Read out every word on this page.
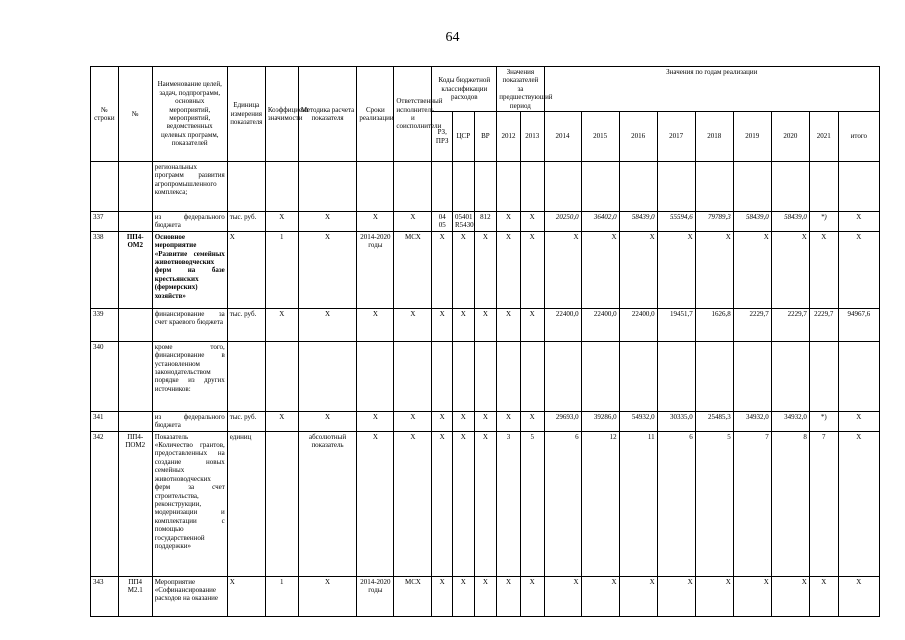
64
№ строки	№	Наименование целей, задач, подпрограмм, основных мероприятий, мероприятий, ведомственных целевых программ, показателей	Единица измерения показателя	Коэффициент значимости	Методика расчета показателя	Сроки реализации	Ответственный исполнитель и соисполнители	Коды бюджетной классификации расходов			Значения показателей за предшествующий период		Значения по годам реализации								
								РЗ, ПРЗ	ЦСР	ВР	2012	2013	2014	2015	2016	2017	2018	2019	2020	2021	итого
		региональных программ развития агропромышленного комплекса;																			
337		из федерального бюджета	тыс. руб.	X	X	X	X	04 05	05401 R5430	812	X	X	20250,0	36402,0	58439,0	55594,6	79789,3	58439,0	58439,0	*)	X
338	ПП4-ОМ2	Основное мероприятие «Развитие семейных животноводческих ферм на базе крестьянских (фермерских) хозяйств»	X	1	X	2014-2020 годы	МСХ	X	X	X	X	X	X	X	X	X	X	X	X	X	X
339		финансирование за счет краевого бюджета	тыс. руб.	X	X	X	X	X	X	X	X	X	22400,0	22400,0	22400,0	19451,7	1626,8	2229,7	2229,7	2229,7	94967,6
340		кроме того, финансирование в установленном законодательством порядке из других источников:																			
341		из федерального бюджета	тыс. руб.	X	X	X	X	X	X	X	X	X	29693,0	39286,0	54932,0	30335,0	25485,3	34932,0	34932,0	*)	X
342	ПП4-ПОМ2	Показатель «Количество грантов, предоставленных на создание новых семейных животноводческих ферм за счет строительства, реконструкции, модернизации и комплектации с помощью государственной поддержки»	единиц		абсолютный показатель	X	X	X	X	X	3	5	6	12	11	6	5	7	8	7	X
343	ПП4 М2.1	Мероприятие «Софинансирование расходов на оказание	X	1	X	2014-2020 годы	МСХ	X	X	X	X	X	X	X	X	X	X	X	X	X	X
